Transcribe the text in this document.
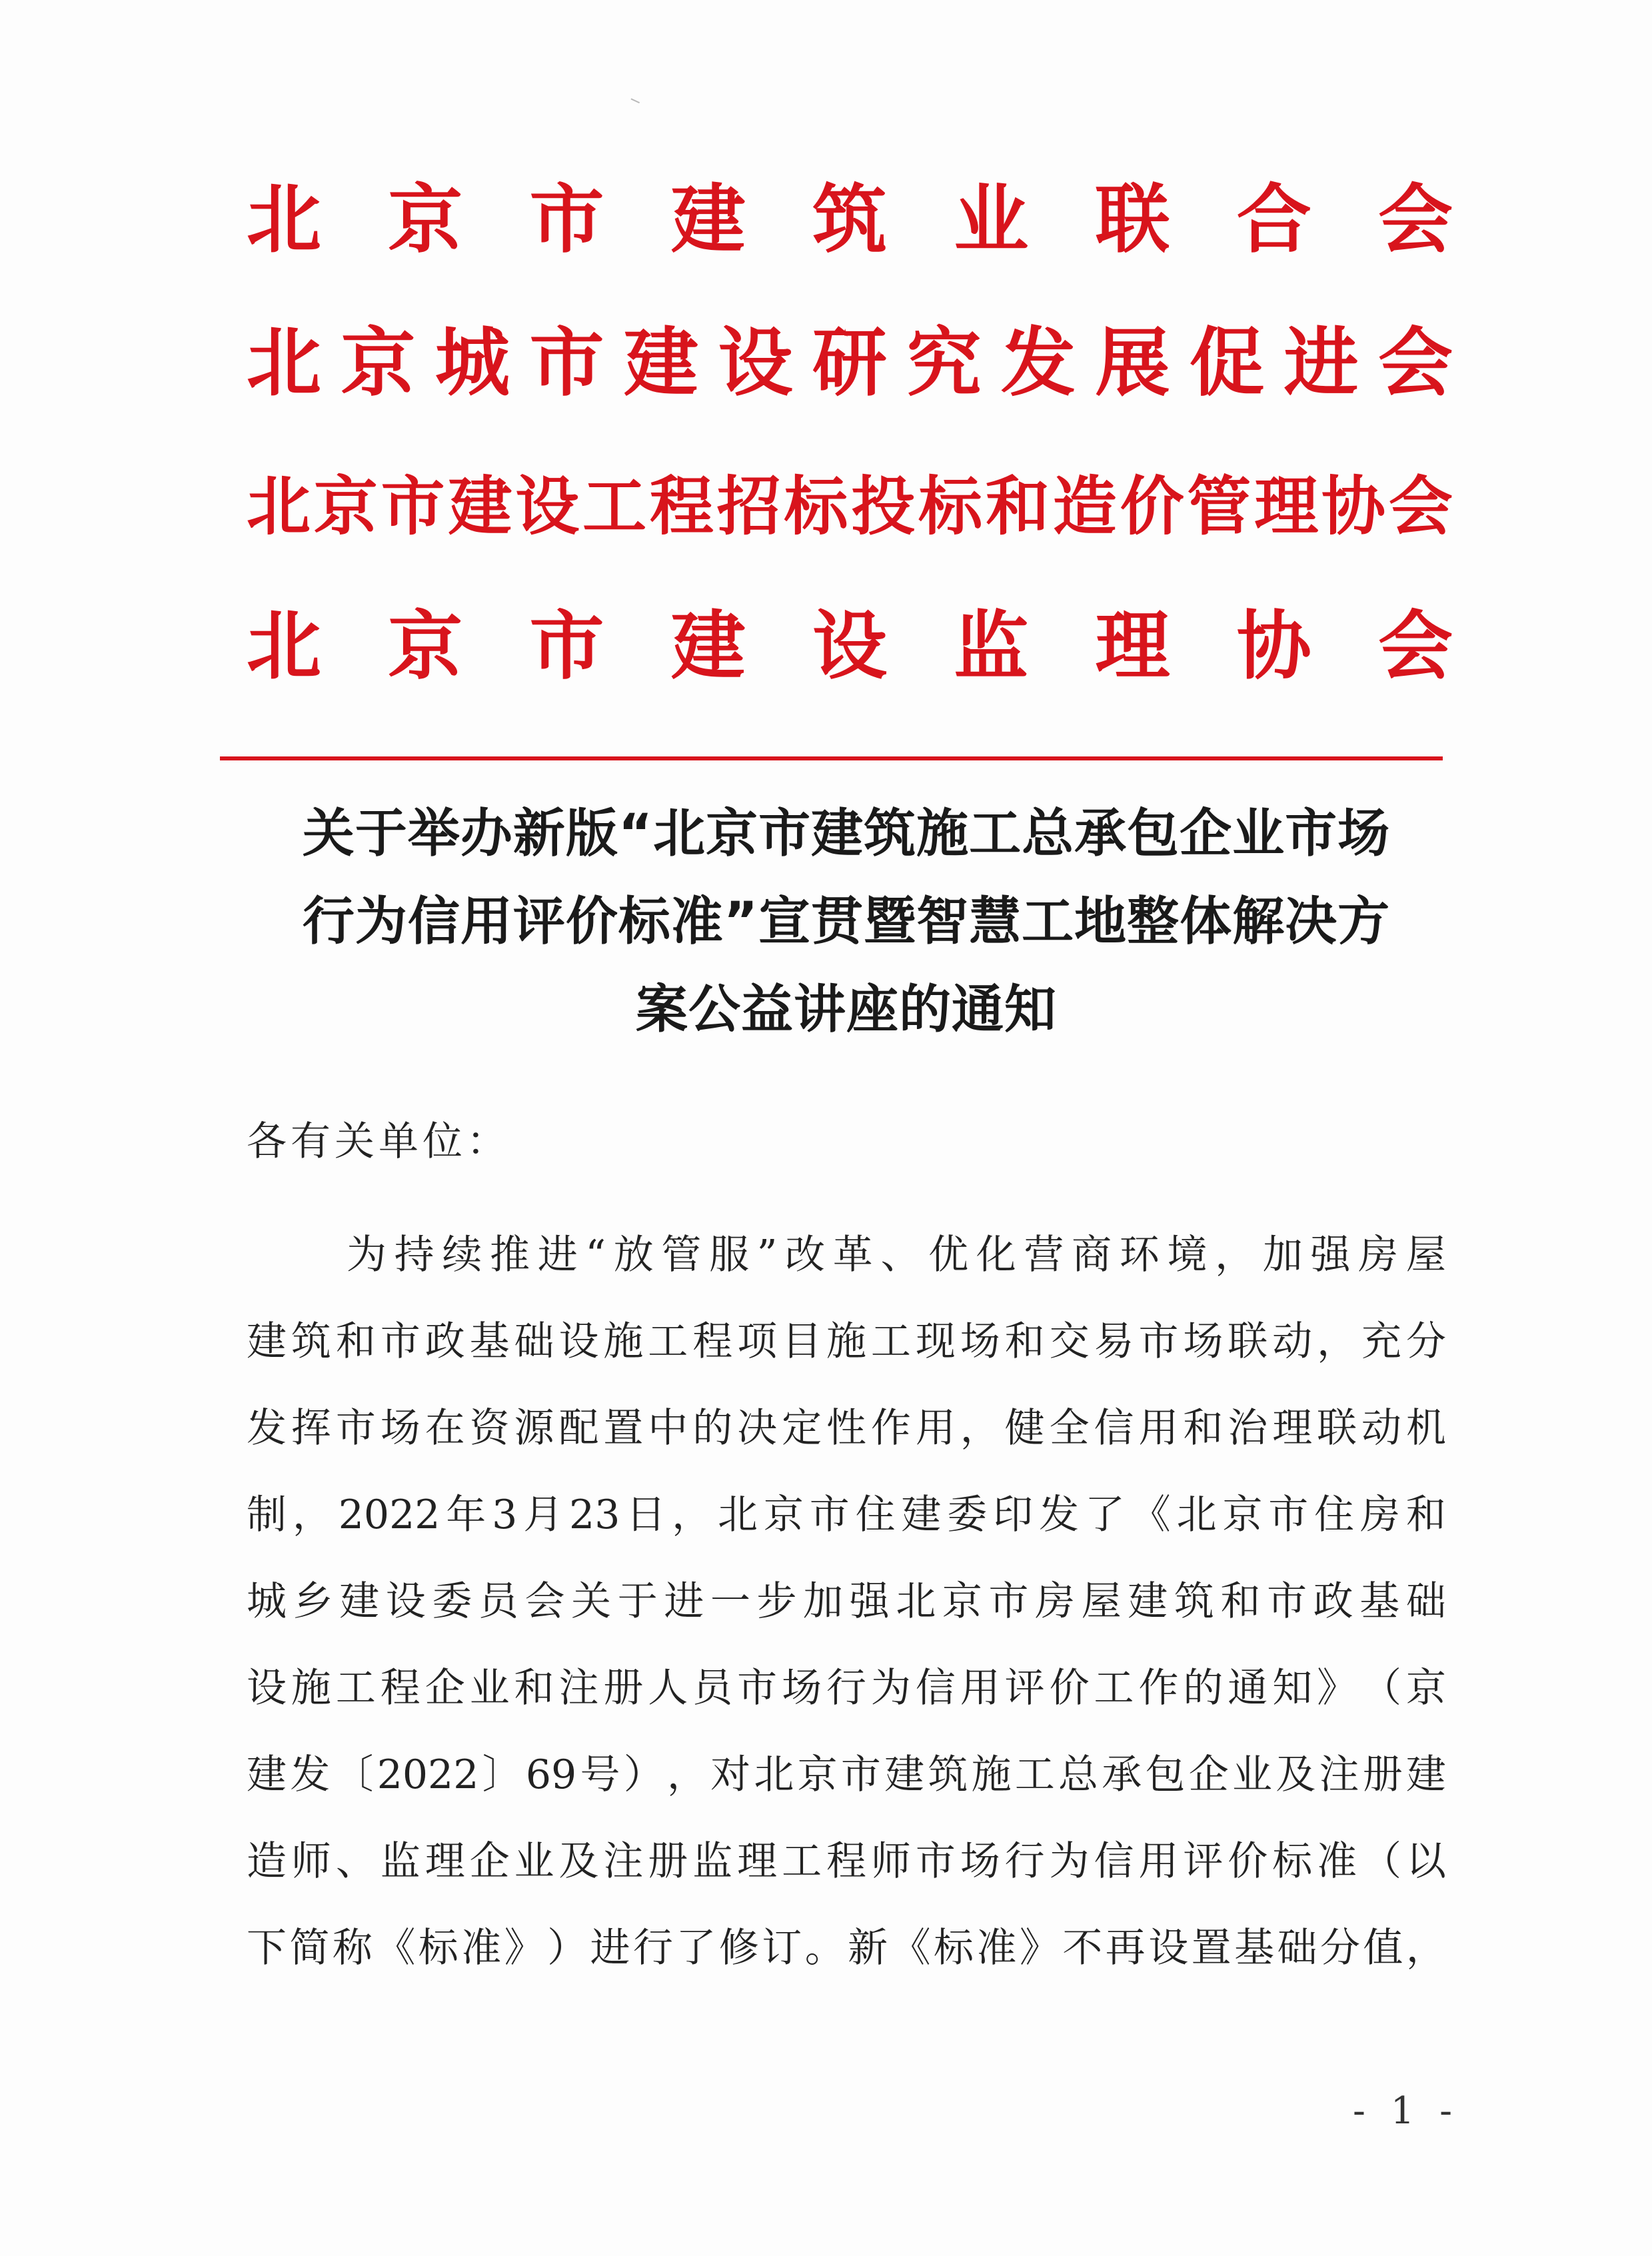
北 京 市 建 筑 业 联 合 会
北 京 城 市 建 设 研 究 发 展 促 进 会
北 京 市 建 设 工 程 招 标 投 标 和 造 价 管 理 协 会
北 京 市 建 设 监 理 协 会
关于举办新版“北京市建筑施工总承包企业市场
行为信用评价标准”宣贯暨智慧工地整体解决方
案公益讲座的通知
各有关单位：
为 持 续 推 进 “ 放 管 服 ” 改 革 、 优 化 营 商 环 境 ， 加 强 房 屋
建 筑 和 市 政 基 础 设 施 工 程 项 目 施 工 现 场 和 交 易 市 场 联 动 ， 充 分
发 挥 市 场 在 资 源 配 置 中 的 决 定 性 作 用 ， 健 全 信 用 和 治 理 联 动 机
制 ， 2022 年 3 月 23 日 ， 北 京 市 住 建 委 印 发 了 《 北 京 市 住 房 和
城 乡 建 设 委 员 会 关 于 进 一 步 加 强 北 京 市 房 屋 建 筑 和 市 政 基 础
设 施 工 程 企 业 和 注 册 人 员 市 场 行 为 信 用 评 价 工 作 的 通 知 》 （ 京
建 发 〔 2022 〕 69 号 ） ， 对 北 京 市 建 筑 施 工 总 承 包 企 业 及 注 册 建
造 师 、 监 理 企 业 及 注 册 监 理 工 程 师 市 场 行 为 信 用 评 价 标 准 （ 以
下 简 称 《 标 准 》 ） 进 行 了 修 订 。 新 《 标 准 》 不 再 设 置 基 础 分 值 ，
- 1 -
